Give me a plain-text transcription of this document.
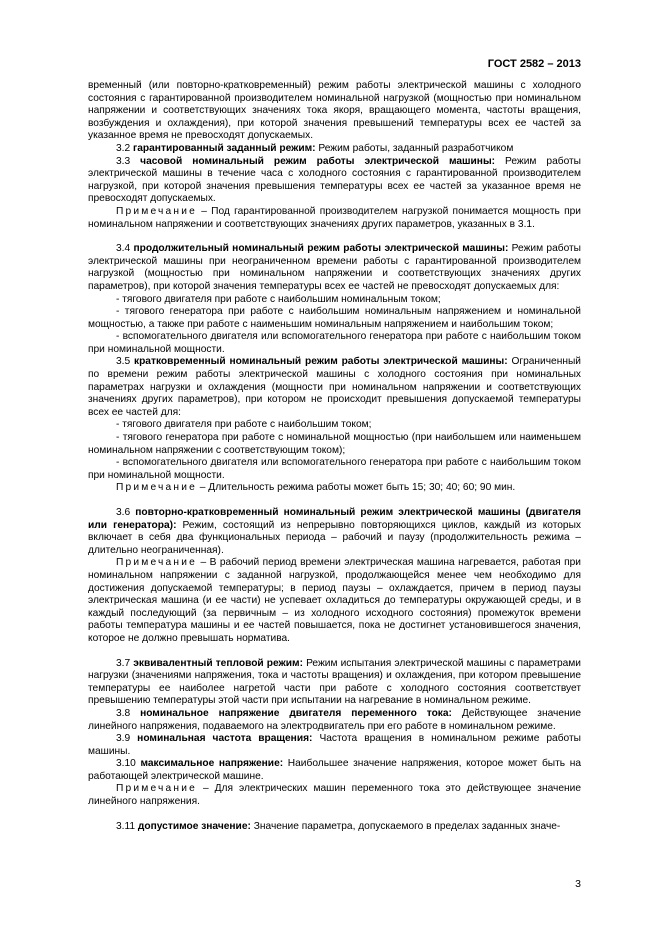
ГОСТ 2582 – 2013

временный (или повторно-кратковременный) режим работы электрической машины с холодного состояния с гарантированной производителем номинальной нагрузкой (мощностью при номинальном напряжении и соответствующих значениях тока якоря, вращающего момента, частоты вращения, возбуждения и охлаждения), при которой значения превышений температуры всех ее частей за указанное время не превосходят допускаемых.

3.2 гарантированный заданный режим: Режим работы, заданный разработчиком

3.3 часовой номинальный режим работы электрической машины: Режим работы электрической машины в течение часа с холодного состояния с гарантированной производителем нагрузкой, при которой значения превышения температуры всех ее частей за указанное время не превосходят допускаемых.

Примечание – Под гарантированной производителем нагрузкой понимается мощность при номинальном напряжении и соответствующих значениях других параметров, указанных в 3.1.

3.4 продолжительный номинальный режим работы электрической машины: Режим работы электрической машины при неограниченном времени работы с гарантированной производителем нагрузкой (мощностью при номинальном напряжении и соответствующих значениях других параметров), при которой значения температуры всех ее частей не превосходят допускаемых для:

- тягового двигателя при работе с наибольшим номинальным током;

- тягового генератора при работе с наибольшим номинальным напряжением и номинальной мощностью, а также при работе с наименьшим номинальным напряжением и наибольшим током;

- вспомогательного двигателя или вспомогательного генератора при работе с наибольшим током при номинальной мощности.

3.5 кратковременный номинальный режим работы электрической машины: Ограниченный по времени режим работы электрической машины с холодного состояния при номинальных параметрах нагрузки и охлаждения (мощности при номинальном напряжении и соответствующих значениях других параметров), при котором не происходит превышения допускаемой температуры всех ее частей для:

- тягового двигателя при работе с наибольшим током;

- тягового генератора при работе с номинальной мощностью (при наибольшем или наименьшем номинальном напряжении с соответствующим током);

- вспомогательного двигателя или вспомогательного генератора при работе с наибольшим током при номинальной мощности.

Примечание – Длительность режима работы может быть 15; 30; 40; 60; 90 мин.

3.6 повторно-кратковременный номинальный режим электрической машины (двигателя или генератора): Режим, состоящий из непрерывно повторяющихся циклов, каждый из которых включает в себя два функциональных периода – рабочий и паузу (продолжительность режима – длительно неограниченная).

Примечание – В рабочий период времени электрическая машина нагревается, работая при номинальном напряжении с заданной нагрузкой, продолжающейся менее чем необходимо для достижения допускаемой температуры; в период паузы – охлаждается, причем в период паузы электрическая машина (и ее части) не успевает охладиться до температуры окружающей среды, и в каждый последующий (за первичным – из холодного исходного состояния) промежуток времени работы температура машины и ее частей повышается, пока не достигнет установившегося значения, которое не должно превышать норматива.

3.7 эквивалентный тепловой режим: Режим испытания электрической машины с параметрами нагрузки (значениями напряжения, тока и частоты вращения) и охлаждения, при котором превышение температуры ее наиболее нагретой части при работе с холодного состояния соответствует превышению температуры этой части при испытании на нагревание в номинальном режиме.

3.8 номинальное напряжение двигателя переменного тока: Действующее значение линейного напряжения, подаваемого на электродвигатель при его работе в номинальном режиме.

3.9 номинальная частота вращения: Частота вращения в номинальном режиме работы машины.

3.10 максимальное напряжение: Наибольшее значение напряжения, которое может быть на работающей электрической машине.

Примечание – Для электрических машин переменного тока это действующее значение линейного напряжения.

3.11 допустимое значение: Значение параметра, допускаемого в пределах заданных значе-

3
